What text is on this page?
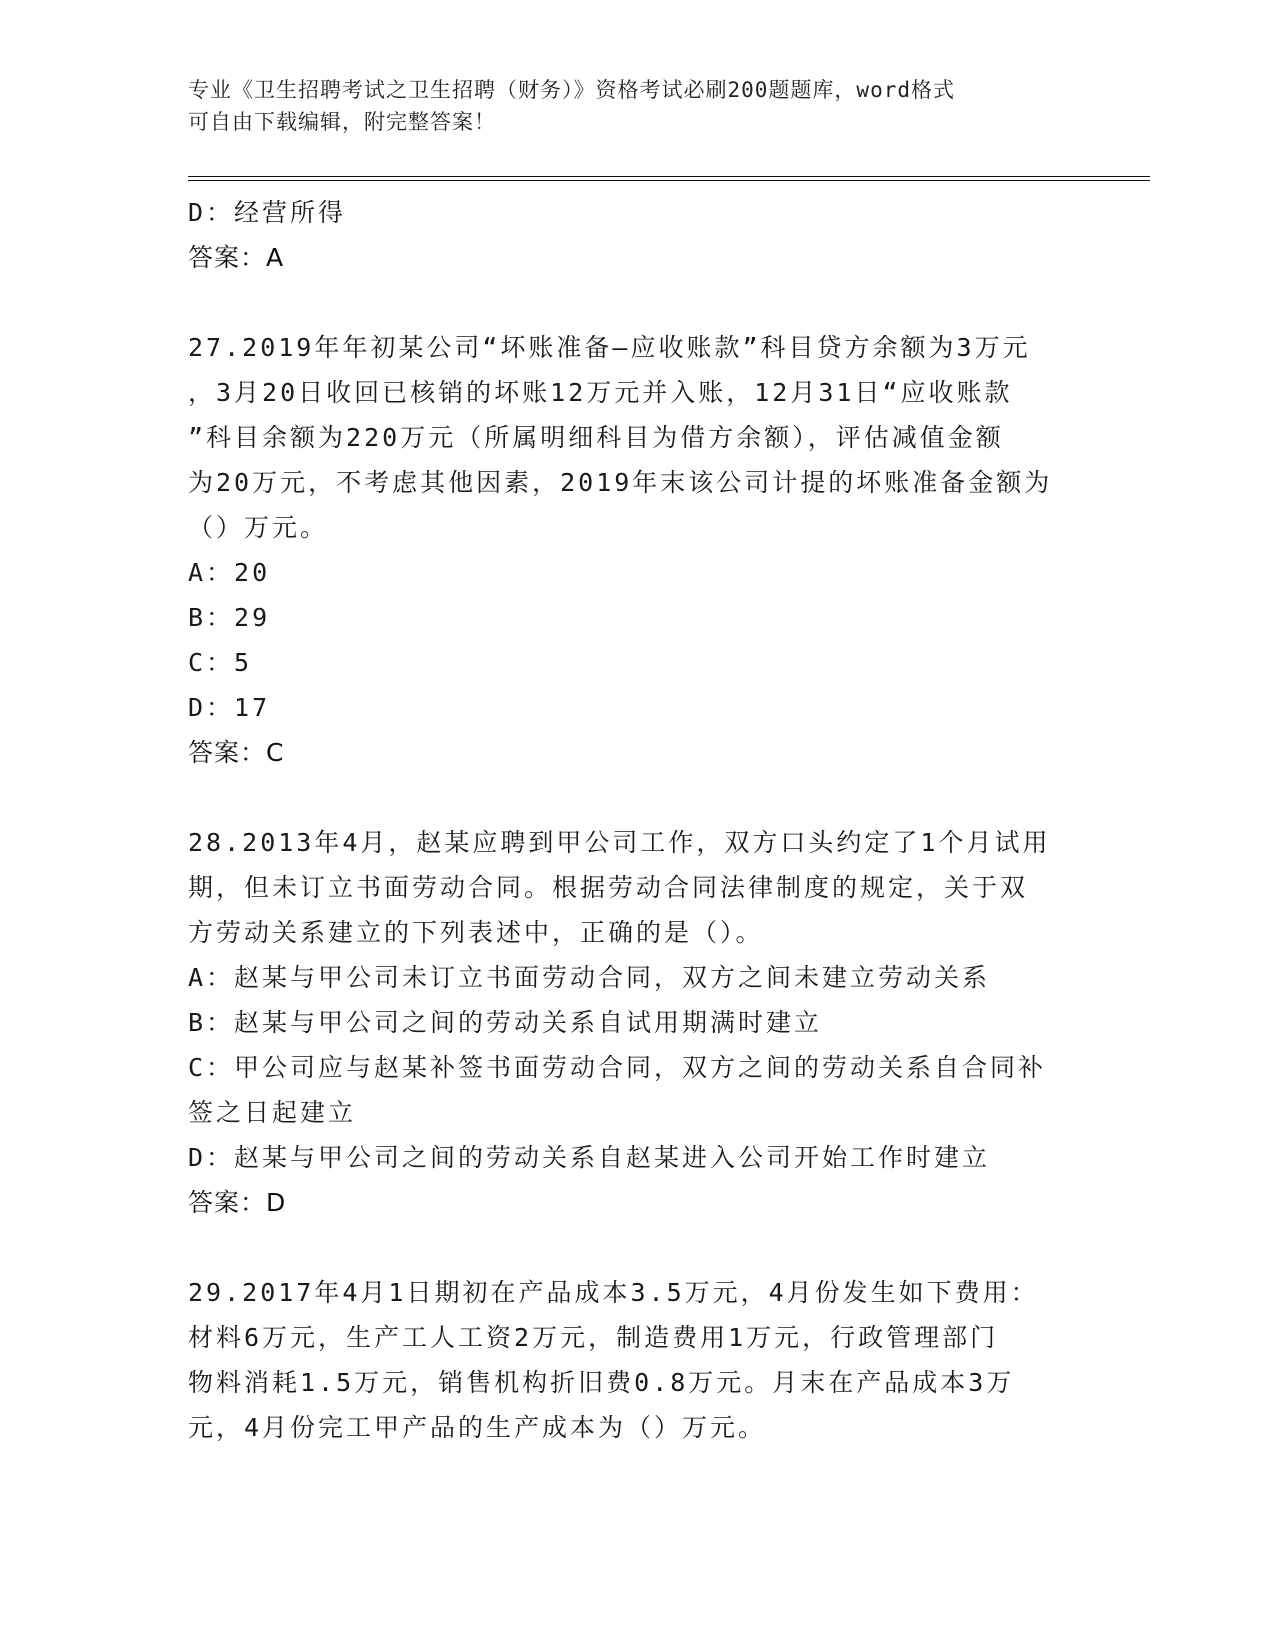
专业《卫生招聘考试之卫生招聘（财务）》资格考试必刷200题题库，word格式
可自由下载编辑，附完整答案！
D：经营所得
答案：A
27.2019年年初某公司“坏账准备—应收账款”科目贷方余额为3万元
，3月20日收回已核销的坏账12万元并入账，12月31日“应收账款
”科目余额为220万元（所属明细科目为借方余额），评估减值金额
为20万元，不考虑其他因素，2019年末该公司计提的坏账准备金额为
（）万元。
A：20
B：29
C：5
D：17
答案：C
28.2013年4月，赵某应聘到甲公司工作，双方口头约定了1个月试用
期，但未订立书面劳动合同。根据劳动合同法律制度的规定，关于双
方劳动关系建立的下列表述中，正确的是（）。
A：赵某与甲公司未订立书面劳动合同，双方之间未建立劳动关系
B：赵某与甲公司之间的劳动关系自试用期满时建立
C：甲公司应与赵某补签书面劳动合同，双方之间的劳动关系自合同补
签之日起建立
D：赵某与甲公司之间的劳动关系自赵某进入公司开始工作时建立
答案：D
29.2017年4月1日期初在产品成本3.5万元，4月份发生如下费用：
材料6万元，生产工人工资2万元，制造费用1万元，行政管理部门
物料消耗1.5万元，销售机构折旧费0.8万元。月末在产品成本3万
元，4月份完工甲产品的生产成本为（）万元。
